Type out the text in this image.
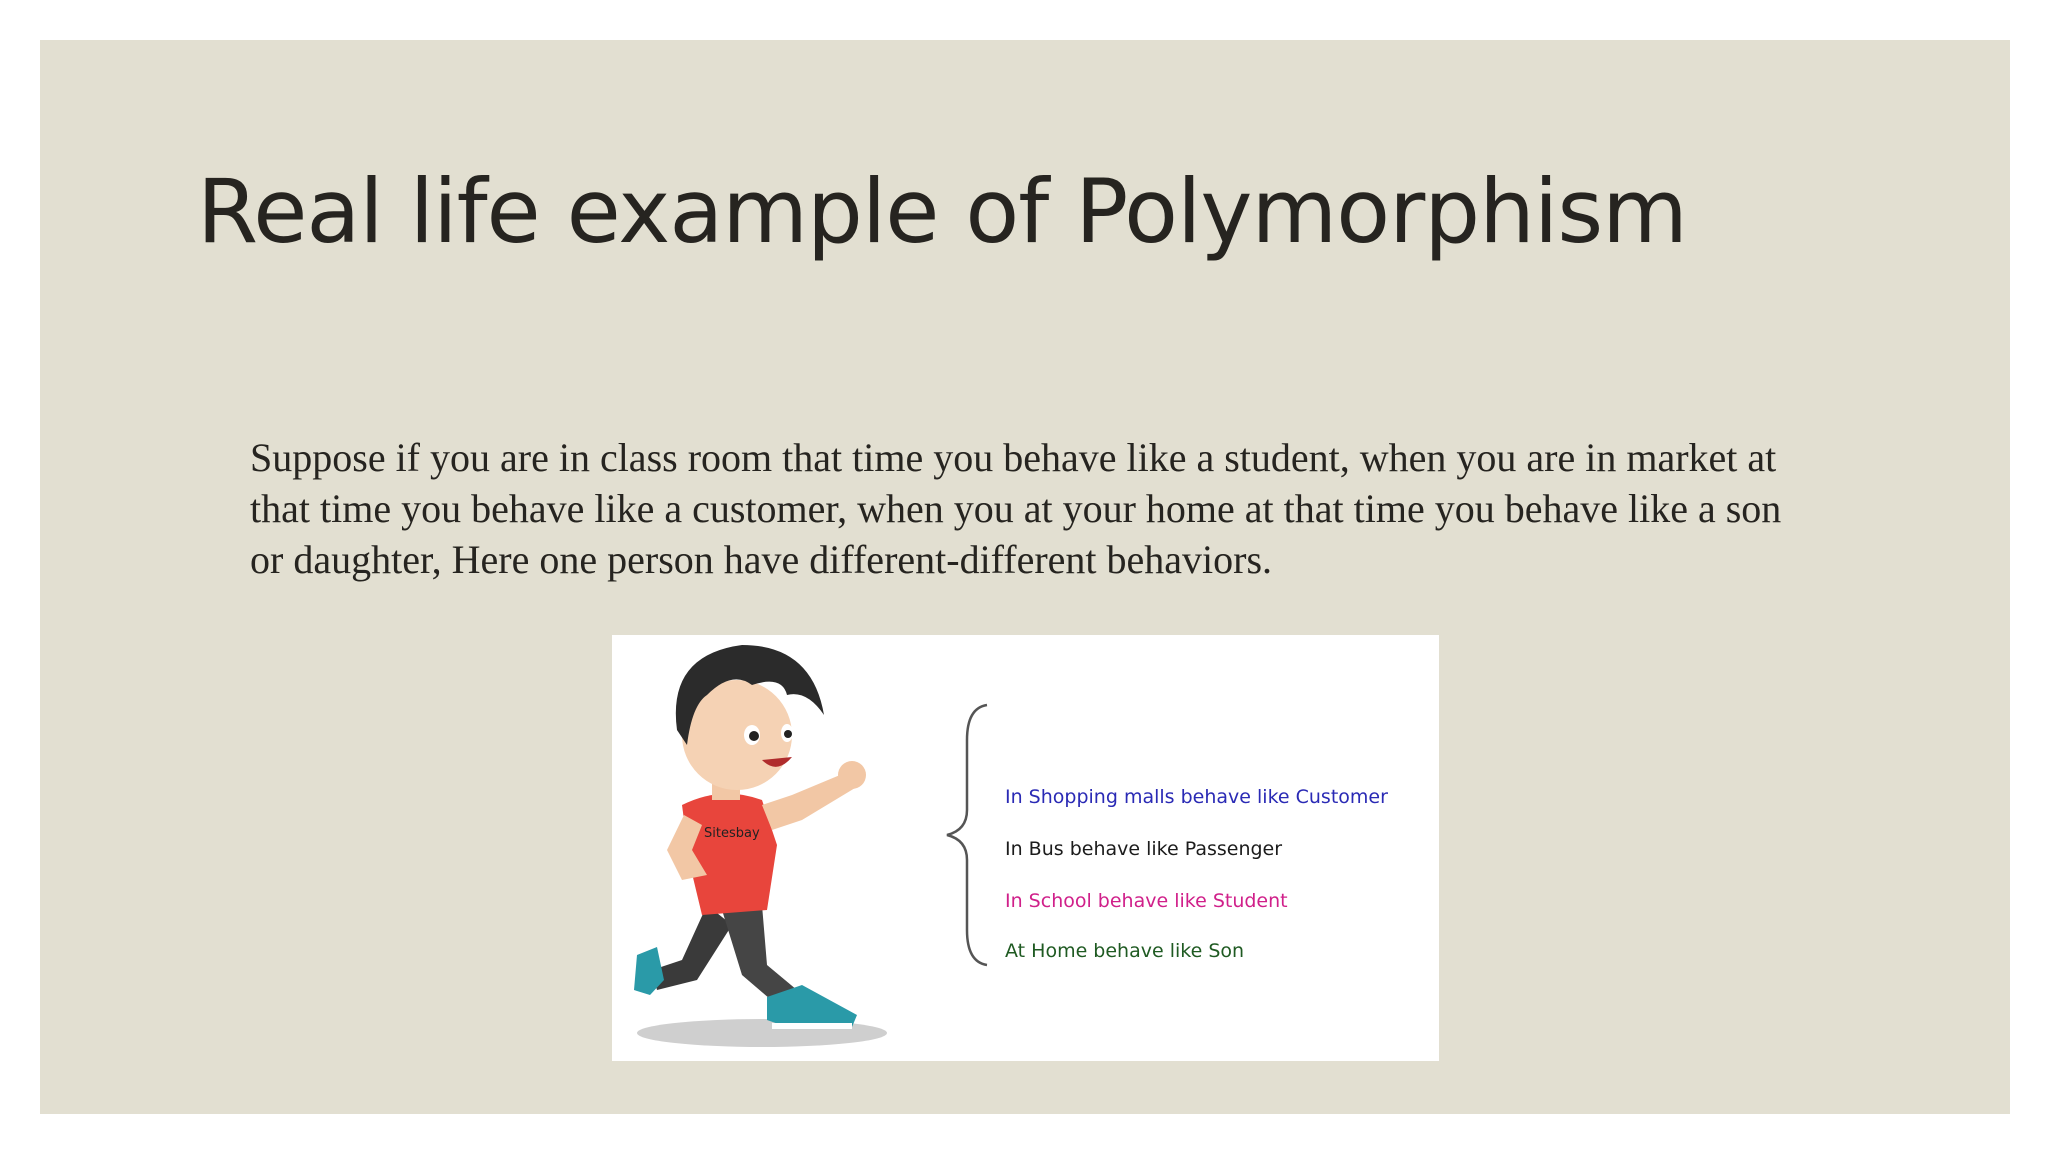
Real life example of Polymorphism

Suppose if you are in class room that time you behave like a student, when you are in market at that time you behave like a customer, when you at your home at that time you behave like a son or daughter, Here one person have different-different behaviors.

Sitesbay
In Shopping malls behave like Customer
In Bus behave like Passenger
In School behave like Student
At Home behave like Son
